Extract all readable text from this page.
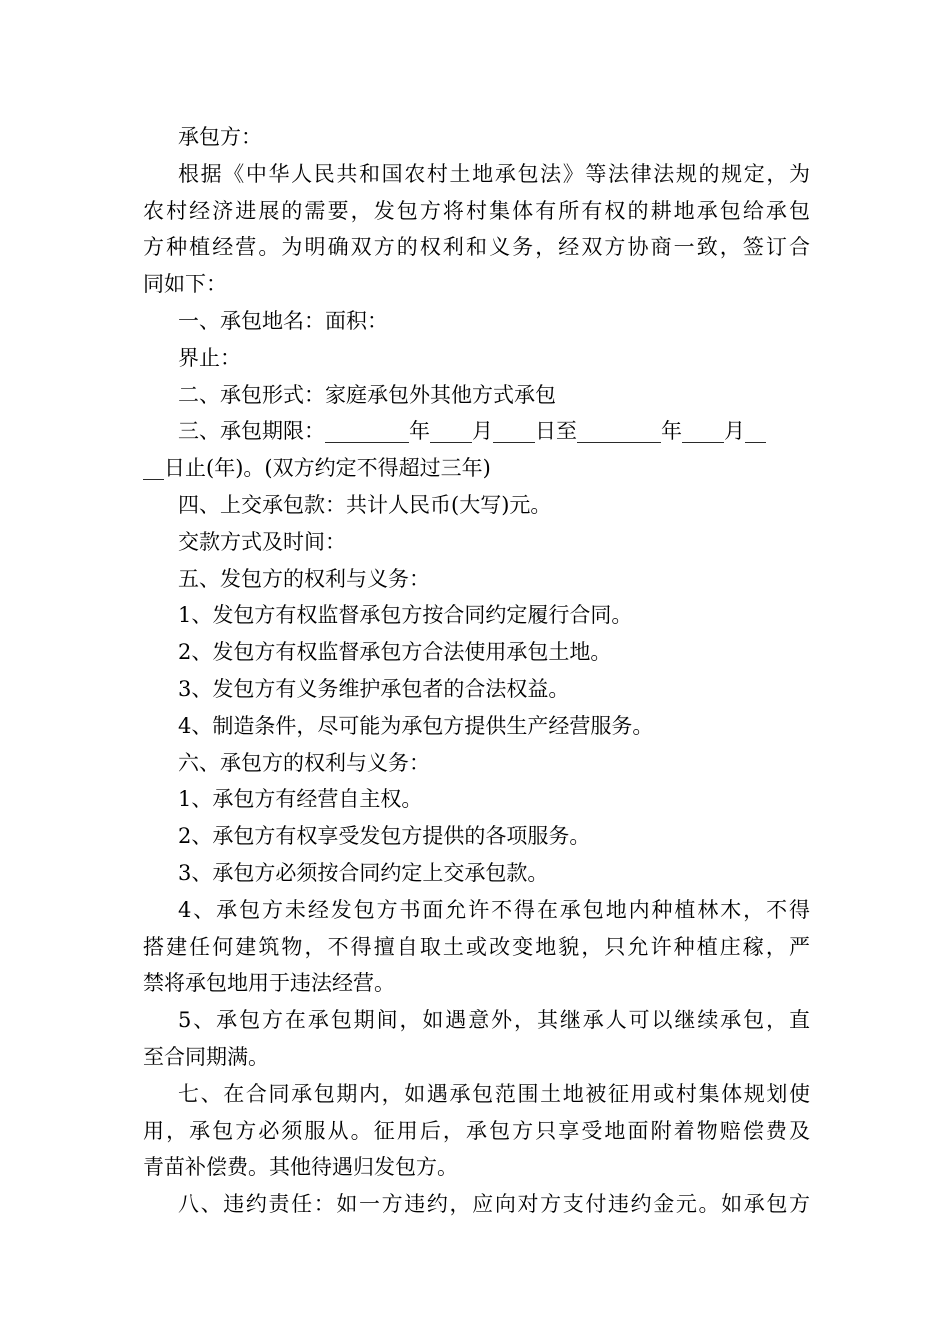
承包方：
根据《中华人民共和国农村土地承包法》等法律法规的规定，为
农村经济进展的需要，发包方将村集体有所有权的耕地承包给承包
方种植经营。为明确双方的权利和义务，经双方协商一致，签订合
同如下：
一、承包地名：面积：
界止：
二、承包形式：家庭承包外其他方式承包
三、承包期限：________年____月____日至________年____月__
__日止(年)。(双方约定不得超过三年)
四、上交承包款：共计人民币(大写)元。
交款方式及时间：
五、发包方的权利与义务：
1、发包方有权监督承包方按合同约定履行合同。
2、发包方有权监督承包方合法使用承包土地。
3、发包方有义务维护承包者的合法权益。
4、制造条件，尽可能为承包方提供生产经营服务。
六、承包方的权利与义务：
1、承包方有经营自主权。
2、承包方有权享受发包方提供的各项服务。
3、承包方必须按合同约定上交承包款。
4、承包方未经发包方书面允许不得在承包地内种植林木，不得
搭建任何建筑物，不得擅自取土或改变地貌，只允许种植庄稼，严
禁将承包地用于违法经营。
5、承包方在承包期间，如遇意外，其继承人可以继续承包，直
至合同期满。
七、在合同承包期内，如遇承包范围土地被征用或村集体规划使
用，承包方必须服从。征用后，承包方只享受地面附着物赔偿费及
青苗补偿费。其他待遇归发包方。
八、违约责任：如一方违约，应向对方支付违约金元。如承包方
